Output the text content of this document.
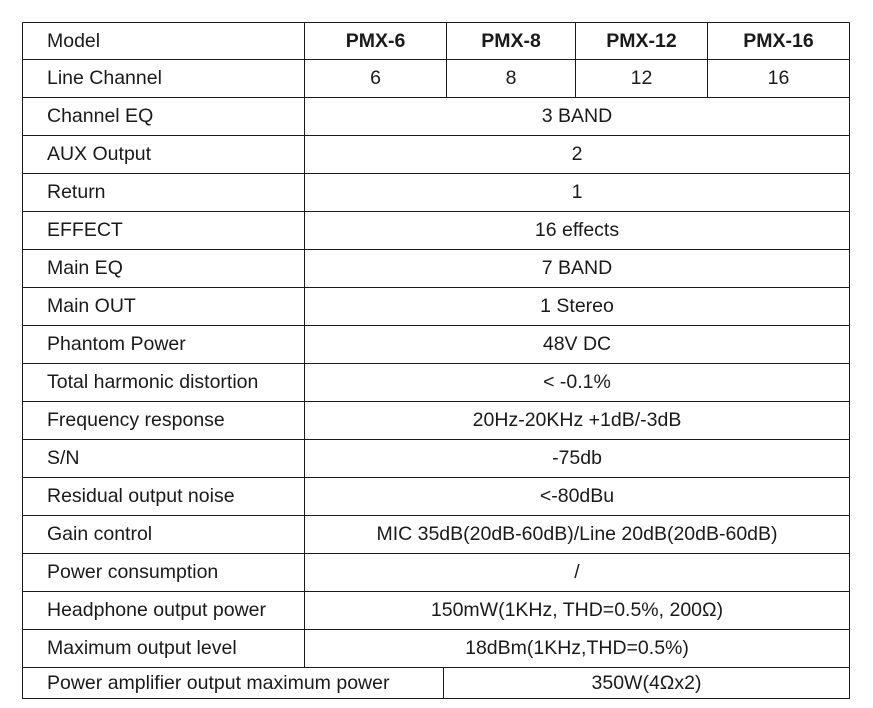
Model	PMX-6	PMX-8	PMX-12	PMX-16
Line Channel	6	8	12	16
Channel EQ	3 BAND
AUX Output	2
Return	1
EFFECT	16 effects
Main EQ	7 BAND
Main OUT	1 Stereo
Phantom Power	48V DC
Total harmonic distortion	< -0.1%
Frequency response	20Hz-20KHz +1dB/-3dB
S/N	-75db
Residual output noise	<-80dBu
Gain control	MIC 35dB(20dB-60dB)/Line 20dB(20dB-60dB)
Power consumption	/
Headphone output power	150mW(1KHz, THD=0.5%, 200Ω)
Maximum output level	18dBm(1KHz,THD=0.5%)
Power amplifier output maximum power	350W(4Ωx2)
